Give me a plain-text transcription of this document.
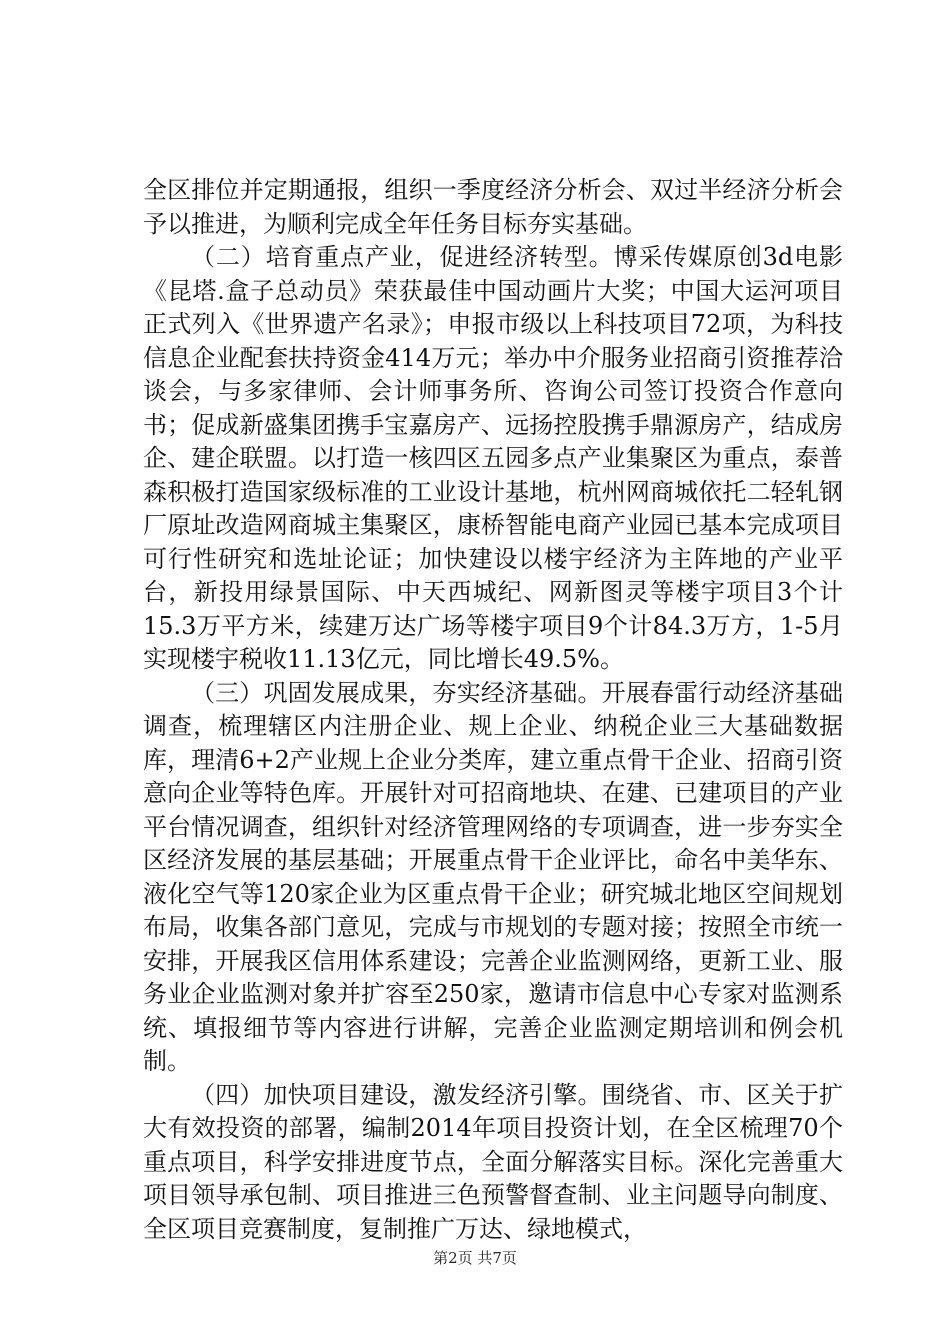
全区排位并定期通报，组织一季度经济分析会、双过半经济分析会予以推进，为顺利完成全年任务目标夯实基础。

（二）培育重点产业，促进经济转型。博采传媒原创3d电影《昆塔.盒子总动员》荣获最佳中国动画片大奖；中国大运河项目正式列入《世界遗产名录》；申报市级以上科技项目72项，为科技信息企业配套扶持资金414万元；举办中介服务业招商引资推荐洽谈会，与多家律师、会计师事务所、咨询公司签订投资合作意向书；促成新盛集团携手宝嘉房产、远扬控股携手鼎源房产，结成房企、建企联盟。以打造一核四区五园多点产业集聚区为重点，泰普森积极打造国家级标准的工业设计基地，杭州网商城依托二轻轧钢厂原址改造网商城主集聚区，康桥智能电商产业园已基本完成项目可行性研究和选址论证；加快建设以楼宇经济为主阵地的产业平台，新投用绿景国际、中天西城纪、网新图灵等楼宇项目3个计15.3万平方米，续建万达广场等楼宇项目9个计84.3万方，1-5月实现楼宇税收11.13亿元，同比增长49.5%。

（三）巩固发展成果，夯实经济基础。开展春雷行动经济基础调查，梳理辖区内注册企业、规上企业、纳税企业三大基础数据库，理清6+2产业规上企业分类库，建立重点骨干企业、招商引资意向企业等特色库。开展针对可招商地块、在建、已建项目的产业平台情况调查，组织针对经济管理网络的专项调查，进一步夯实全区经济发展的基层基础；开展重点骨干企业评比，命名中美华东、液化空气等120家企业为区重点骨干企业；研究城北地区空间规划布局，收集各部门意见，完成与市规划的专题对接；按照全市统一安排，开展我区信用体系建设；完善企业监测网络，更新工业、服务业企业监测对象并扩容至250家，邀请市信息中心专家对监测系统、填报细节等内容进行讲解，完善企业监测定期培训和例会机制。

（四）加快项目建设，激发经济引擎。围绕省、市、区关于扩大有效投资的部署，编制2014年项目投资计划，在全区梳理70个重点项目，科学安排进度节点，全面分解落实目标。深化完善重大项目领导承包制、项目推进三色预警督查制、业主问题导向制度、全区项目竞赛制度，复制推广万达、绿地模式，

第2页 共7页
